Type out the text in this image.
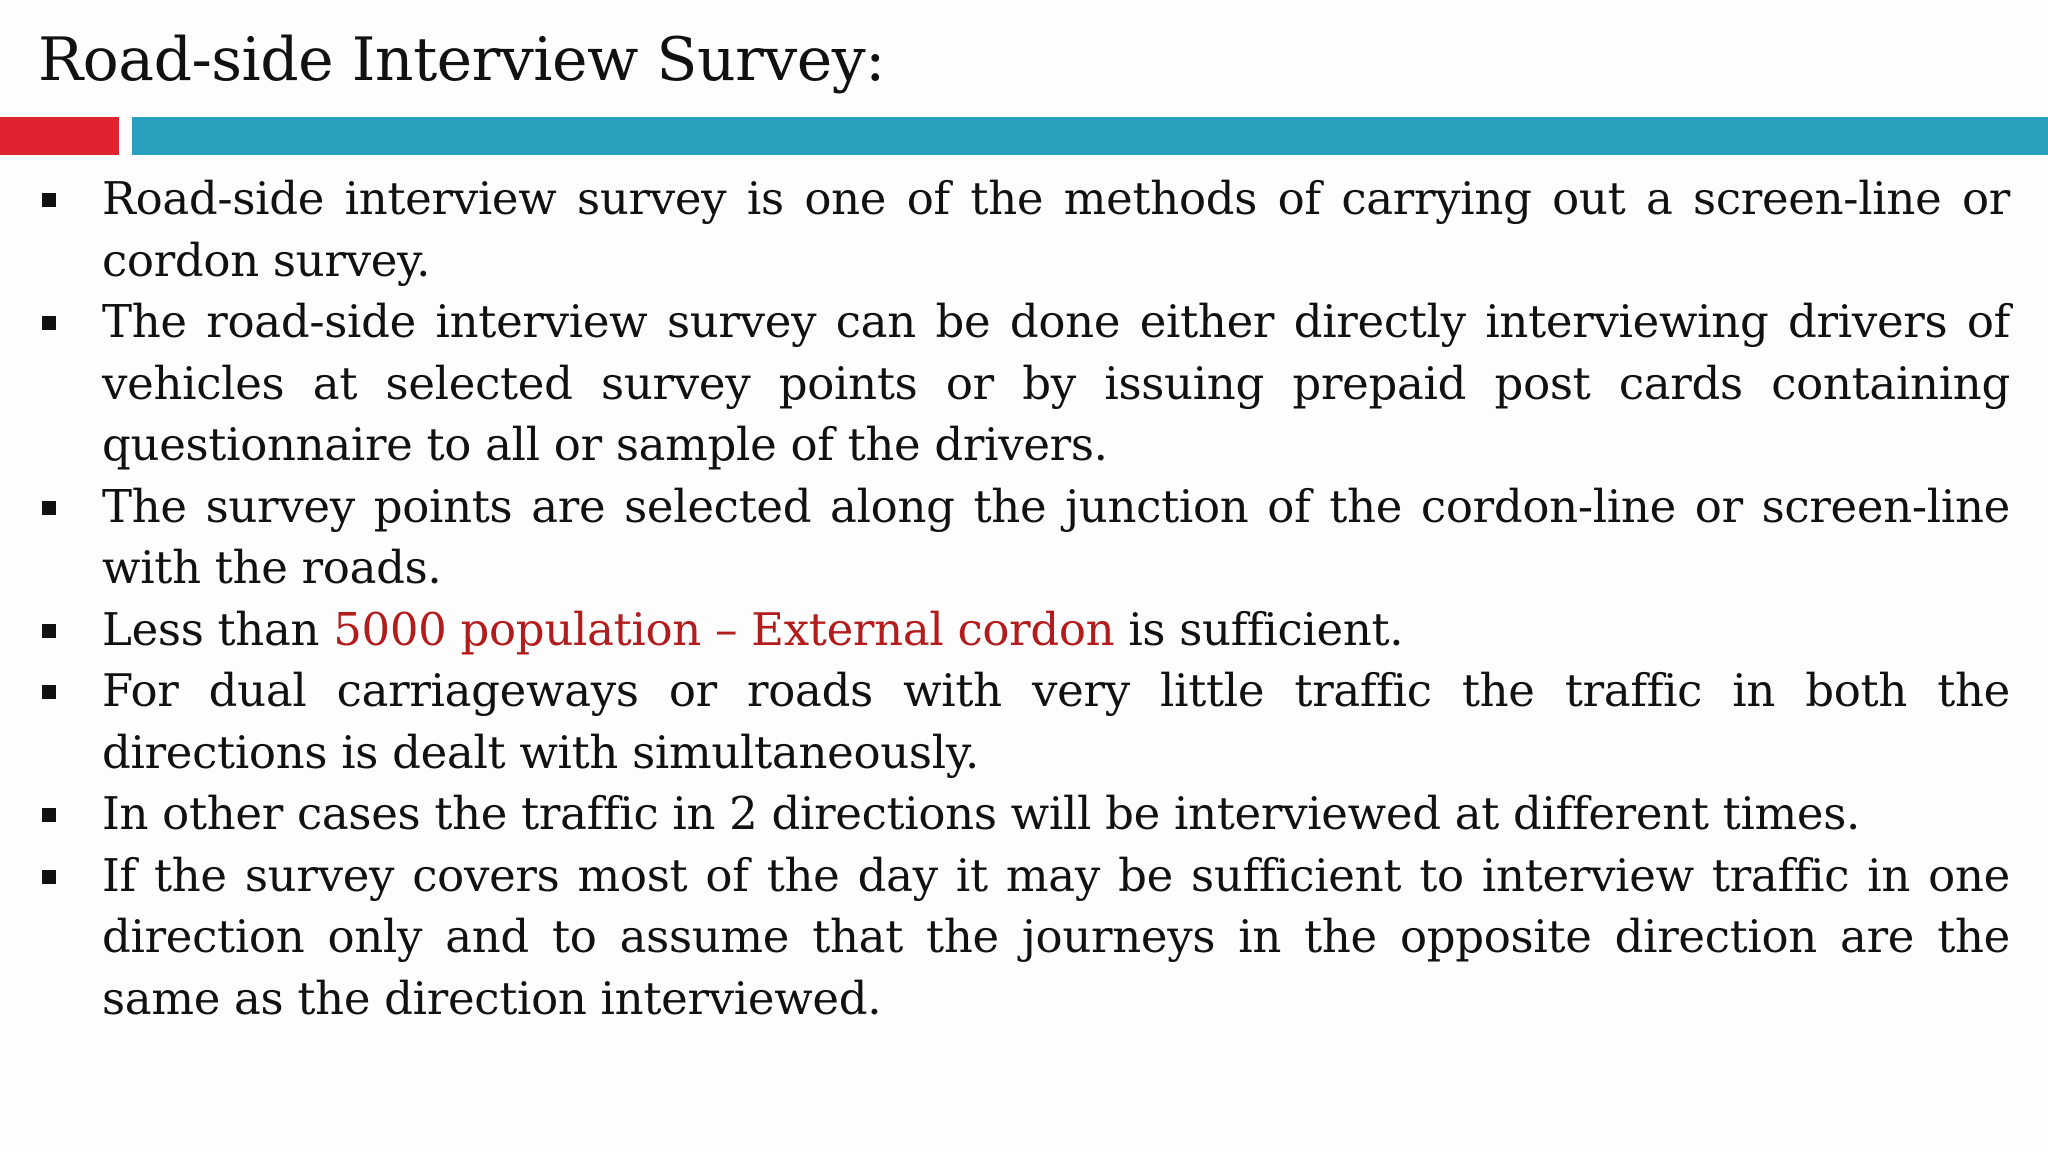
Road-side Interview Survey:
Road-side interview survey is one of the methods of carrying out a screen-line or cordon survey.
The road-side interview survey can be done either directly interviewing drivers of vehicles at selected survey points or by issuing prepaid post cards containing questionnaire to all or sample of the drivers.
The survey points are selected along the junction of the cordon-line or screen-line with the roads.
Less than 5000 population – External cordon is sufficient.
For dual carriageways or roads with very little traffic the traffic in both the directions is dealt with simultaneously.
In other cases the traffic in 2 directions will be interviewed at different times.
If the survey covers most of the day it may be sufficient to interview traffic in one direction only and to assume that the journeys in the opposite direction are the same as the direction interviewed.
